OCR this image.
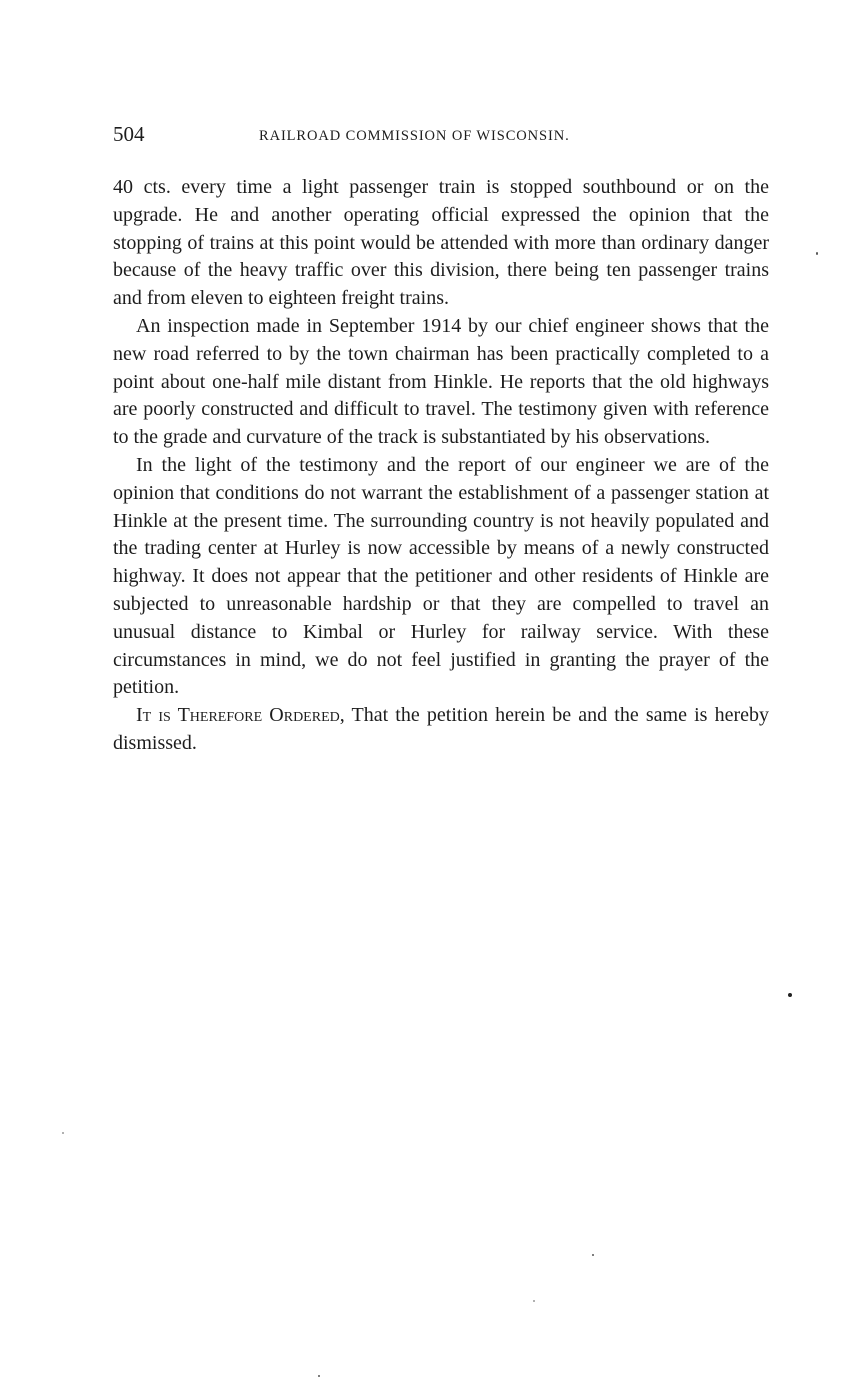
504	RAILROAD COMMISSION OF WISCONSIN.

40 cts. every time a light passenger train is stopped southbound or on the upgrade. He and another operating official expressed the opinion that the stopping of trains at this point would be attended with more than ordinary danger because of the heavy traffic over this division, there being ten passenger trains and from eleven to eighteen freight trains.

An inspection made in September 1914 by our chief engineer shows that the new road referred to by the town chairman has been practically completed to a point about one-half mile distant from Hinkle. He reports that the old highways are poorly constructed and difficult to travel. The testimony given with reference to the grade and curvature of the track is substantiated by his observations.

In the light of the testimony and the report of our engineer we are of the opinion that conditions do not warrant the establishment of a passenger station at Hinkle at the present time. The surrounding country is not heavily populated and the trading center at Hurley is now accessible by means of a newly constructed highway. It does not appear that the petitioner and other residents of Hinkle are subjected to unreasonable hardship or that they are compelled to travel an unusual distance to Kimbal or Hurley for railway service. With these circumstances in mind, we do not feel justified in granting the prayer of the petition.

It is Therefore Ordered, That the petition herein be and the same is hereby dismissed.
